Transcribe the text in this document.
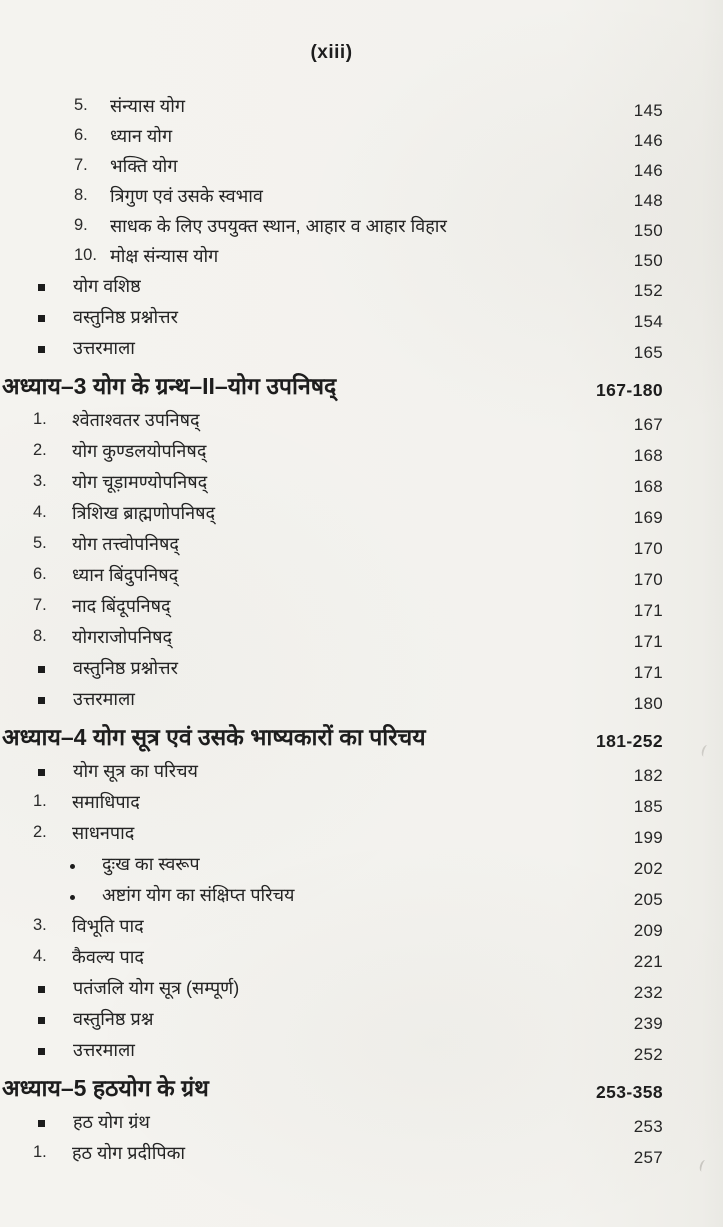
(xiii)
5. संन्यास योग	145
6. ध्यान योग	146
7. भक्ति योग	146
8. त्रिगुण एवं उसके स्वभाव	148
9. साधक के लिए उपयुक्त स्थान, आहार व आहार विहार	150
10. मोक्ष संन्यास योग	150
योग वशिष्ठ	152
वस्तुनिष्ठ प्रश्नोत्तर	154
उत्तरमाला	165
अध्याय–3 योग के ग्रन्थ–II–योग उपनिषद्	167-180
1. श्वेताश्वतर उपनिषद्	167
2. योग कुण्डलयोपनिषद्	168
3. योग चूड़ामण्योपनिषद्	168
4. त्रिशिख ब्राह्मणोपनिषद्	169
5. योग तत्त्वोपनिषद्	170
6. ध्यान बिंदुपनिषद्	170
7. नाद बिंदूपनिषद्	171
8. योगराजोपनिषद्	171
वस्तुनिष्ठ प्रश्नोत्तर	171
उत्तरमाला	180
अध्याय–4 योग सूत्र एवं उसके भाष्यकारों का परिचय	181-252
योग सूत्र का परिचय	182
1. समाधिपाद	185
2. साधनपाद	199
दुःख का स्वरूप	202
अष्टांग योग का संक्षिप्त परिचय	205
3. विभूति पाद	209
4. कैवल्य पाद	221
पतंजलि योग सूत्र (सम्पूर्ण)	232
वस्तुनिष्ठ प्रश्न	239
उत्तरमाला	252
अध्याय–5 हठयोग के ग्रंथ	253-358
हठ योग ग्रंथ	253
1. हठ योग प्रदीपिका	257
